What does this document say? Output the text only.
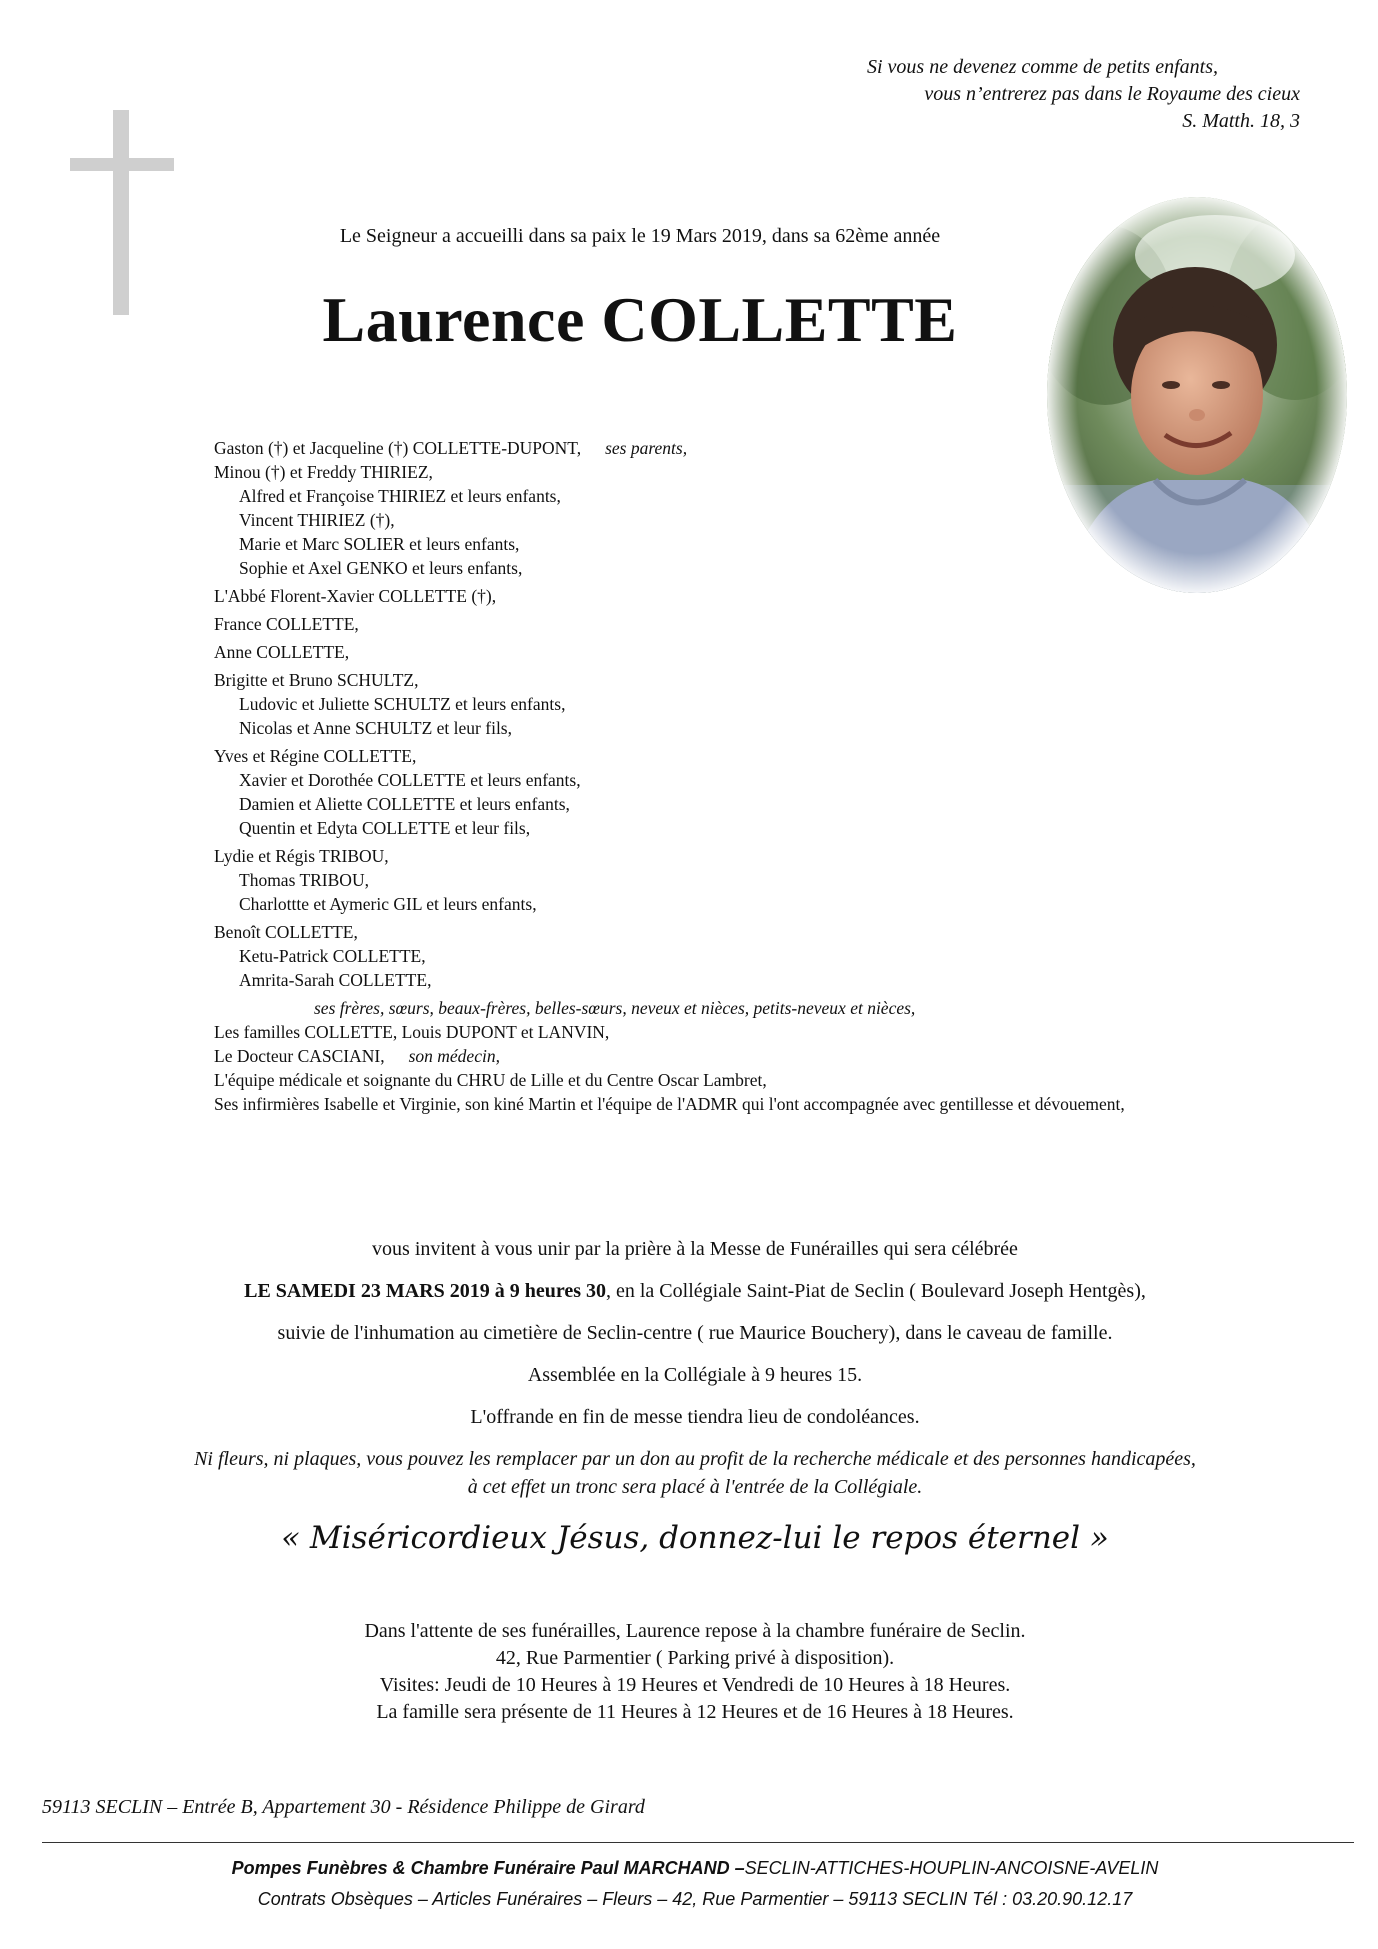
Si vous ne devenez comme de petits enfants,
vous n’entrerez pas dans le Royaume des cieux
S. Matth. 18, 3
Le Seigneur a accueilli dans sa paix le 19 Mars 2019, dans sa 62ème année
Laurence COLLETTE
Gaston (†) et Jacqueline (†) COLLETTE-DUPONT, ses parents,
Minou (†) et Freddy THIRIEZ,
Alfred et Françoise THIRIEZ et leurs enfants,
Vincent THIRIEZ (†),
Marie et Marc SOLIER et leurs enfants,
Sophie et Axel GENKO et leurs enfants,
L'Abbé Florent-Xavier COLLETTE (†),
France COLLETTE,
Anne COLLETTE,
Brigitte et Bruno SCHULTZ,
Ludovic et Juliette SCHULTZ et leurs enfants,
Nicolas et Anne SCHULTZ et leur fils,
Yves et Régine COLLETTE,
Xavier et Dorothée COLLETTE et leurs enfants,
Damien et Aliette COLLETTE et leurs enfants,
Quentin et Edyta COLLETTE et leur fils,
Lydie et Régis TRIBOU,
Thomas TRIBOU,
Charlottte et Aymeric GIL et leurs enfants,
Benoît COLLETTE,
Ketu-Patrick COLLETTE,
Amrita-Sarah COLLETTE,
ses frères, sœurs, beaux-frères, belles-sœurs, neveux et nièces, petits-neveux et nièces,
Les familles COLLETTE, Louis DUPONT et LANVIN,
Le Docteur CASCIANI, son médecin,
L'équipe médicale et soignante du CHRU de Lille et du Centre Oscar Lambret,
Ses infirmières Isabelle et Virginie, son kiné Martin et l'équipe de l'ADMR qui l'ont accompagnée avec gentillesse et dévouement,
vous invitent à vous unir par la prière à la Messe de Funérailles qui sera célébrée
LE SAMEDI 23 MARS 2019 à 9 heures 30, en la Collégiale Saint-Piat de Seclin ( Boulevard Joseph Hentgès),
suivie de l'inhumation au cimetière de Seclin-centre ( rue Maurice Bouchery), dans le caveau de famille.
Assemblée en la Collégiale à 9 heures 15.
L'offrande en fin de messe tiendra lieu de condoléances.
Ni fleurs, ni plaques, vous pouvez les remplacer par un don au profit de la recherche médicale et des personnes handicapées,
à cet effet un tronc sera placé à l'entrée de la Collégiale.
« Miséricordieux Jésus, donnez-lui le repos éternel »
Dans l'attente de ses funérailles, Laurence repose à la chambre funéraire de Seclin.
42, Rue Parmentier ( Parking privé à disposition).
Visites: Jeudi de 10 Heures à 19 Heures et Vendredi de 10 Heures à 18 Heures.
La famille sera présente de 11 Heures à 12 Heures et de 16 Heures à 18 Heures.
59113 SECLIN – Entrée B, Appartement 30 - Résidence Philippe de Girard
Pompes Funèbres & Chambre Funéraire Paul MARCHAND –SECLIN-ATTICHES-HOUPLIN-ANCOISNE-AVELIN
Contrats Obsèques – Articles Funéraires – Fleurs – 42, Rue Parmentier – 59113 SECLIN Tél : 03.20.90.12.17
